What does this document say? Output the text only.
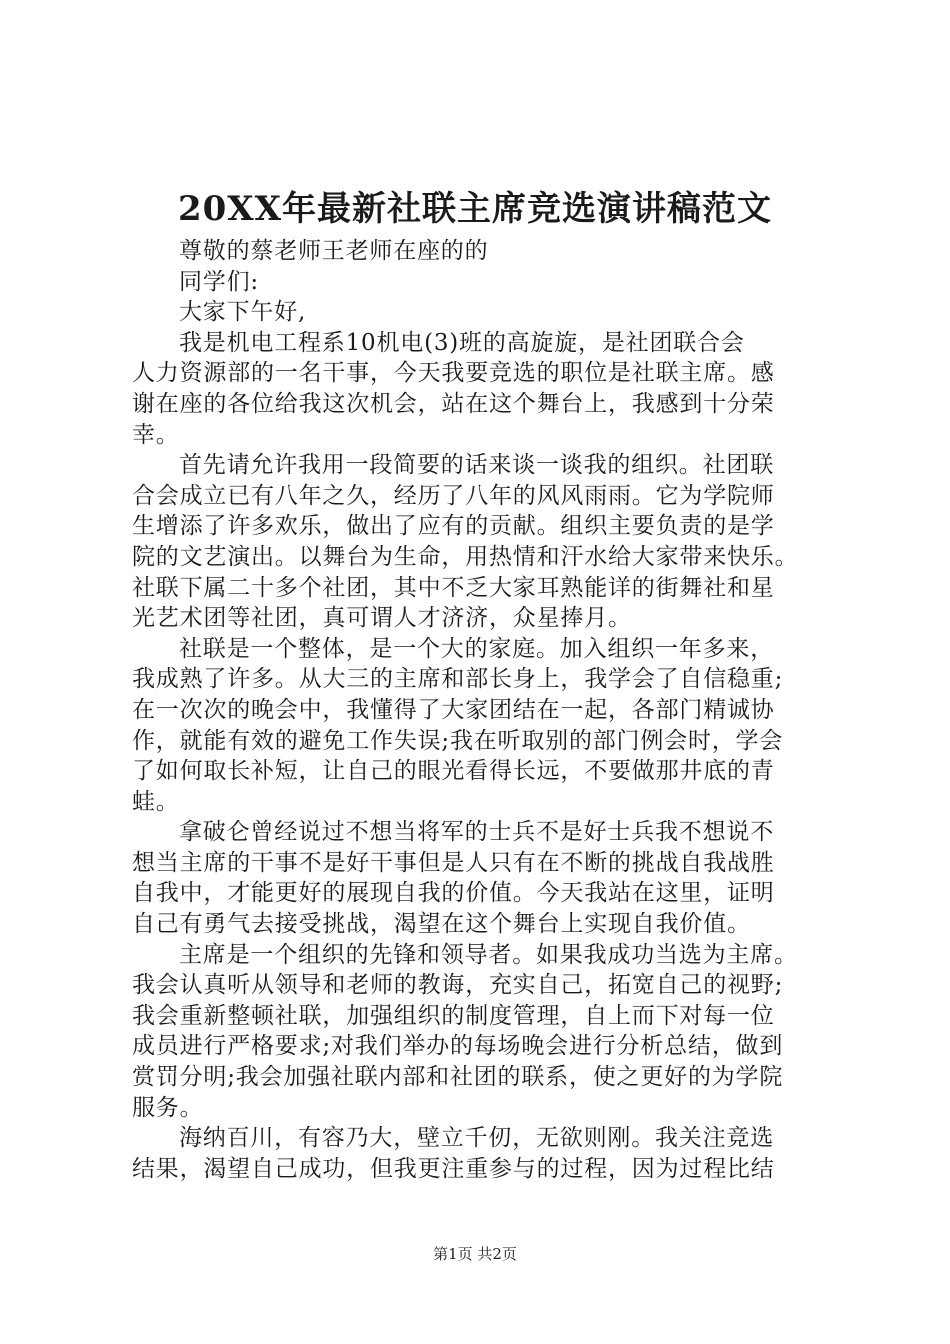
20XX年最新社联主席竞选演讲稿范文
尊敬的蔡老师王老师在座的的
同学们:
大家下午好,
我是机电工程系10机电(3)班的高旋旋，是社团联合会
人力资源部的一名干事，今天我要竞选的职位是社联主席。感
谢在座的各位给我这次机会，站在这个舞台上，我感到十分荣
幸。
首先请允许我用一段简要的话来谈一谈我的组织。社团联
合会成立已有八年之久，经历了八年的风风雨雨。它为学院师
生增添了许多欢乐，做出了应有的贡献。组织主要负责的是学
院的文艺演出。以舞台为生命，用热情和汗水给大家带来快乐。
社联下属二十多个社团，其中不乏大家耳熟能详的街舞社和星
光艺术团等社团，真可谓人才济济，众星捧月。
社联是一个整体，是一个大的家庭。加入组织一年多来，
我成熟了许多。从大三的主席和部长身上，我学会了自信稳重;
在一次次的晚会中，我懂得了大家团结在一起，各部门精诚协
作，就能有效的避免工作失误;我在听取别的部门例会时，学会
了如何取长补短，让自己的眼光看得长远，不要做那井底的青
蛙。
拿破仑曾经说过不想当将军的士兵不是好士兵我不想说不
想当主席的干事不是好干事但是人只有在不断的挑战自我战胜
自我中，才能更好的展现自我的价值。今天我站在这里，证明
自己有勇气去接受挑战，渴望在这个舞台上实现自我价值。
主席是一个组织的先锋和领导者。如果我成功当选为主席。
我会认真听从领导和老师的教诲，充实自己，拓宽自己的视野;
我会重新整顿社联，加强组织的制度管理，自上而下对每一位
成员进行严格要求;对我们举办的每场晚会进行分析总结，做到
赏罚分明;我会加强社联内部和社团的联系，使之更好的为学院
服务。
海纳百川，有容乃大，壁立千仞，无欲则刚。我关注竞选
结果，渴望自己成功，但我更注重参与的过程，因为过程比结
第1页 共2页
